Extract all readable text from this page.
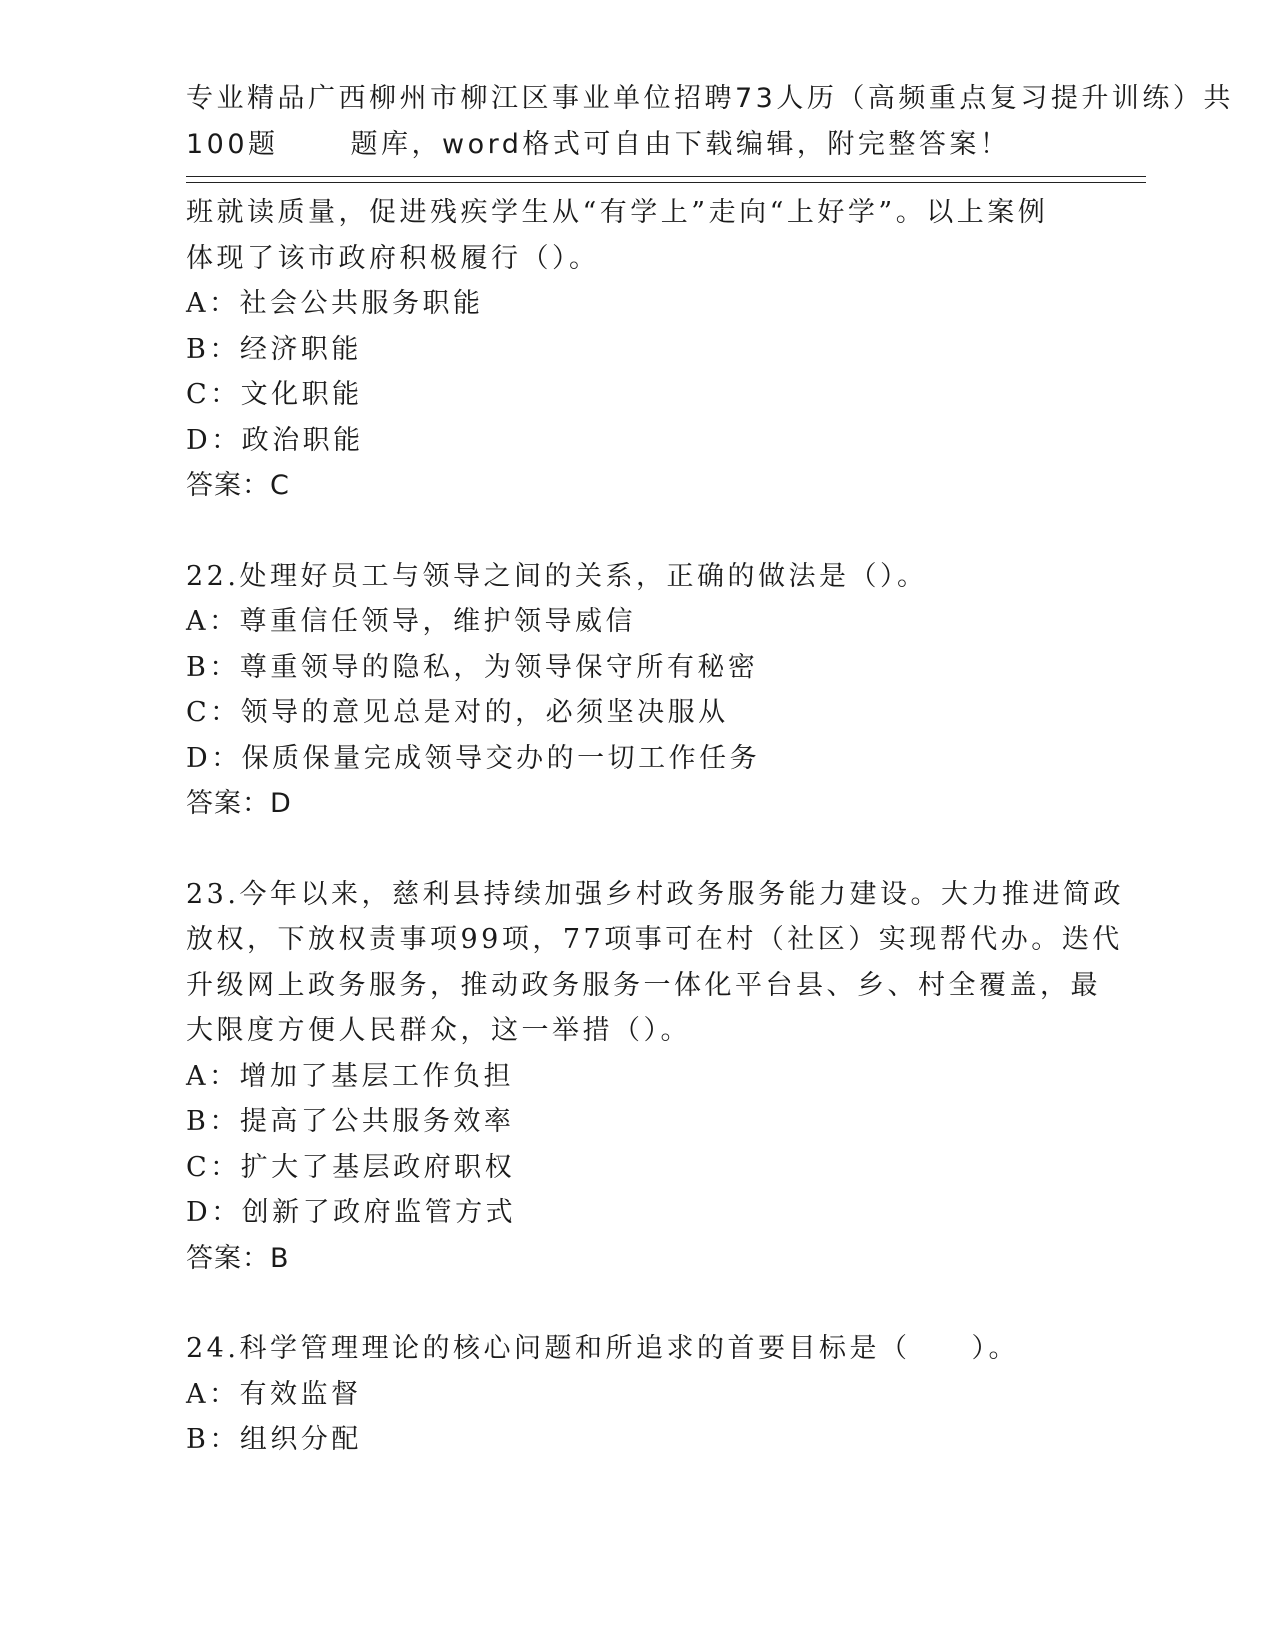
专业精品广西柳州市柳江区事业单位招聘73人历（高频重点复习提升训练）共
100题	题库，word格式可自由下载编辑，附完整答案！
班就读质量，促进残疾学生从“有学上”走向“上好学”。以上案例
体现了该市政府积极履行（）。
A：社会公共服务职能
B：经济职能
C：文化职能
D：政治职能
答案：C
22.处理好员工与领导之间的关系，正确的做法是（）。
A：尊重信任领导，维护领导威信
B：尊重领导的隐私，为领导保守所有秘密
C：领导的意见总是对的，必须坚决服从
D：保质保量完成领导交办的一切工作任务
答案：D
23.今年以来，慈利县持续加强乡村政务服务能力建设。大力推进简政
放权，下放权责事项99项，77项事可在村（社区）实现帮代办。迭代
升级网上政务服务，推动政务服务一体化平台县、乡、村全覆盖，最
大限度方便人民群众，这一举措（）。
A：增加了基层工作负担
B：提高了公共服务效率
C：扩大了基层政府职权
D：创新了政府监管方式
答案：B
24.科学管理理论的核心问题和所追求的首要目标是（　　）。
A：有效监督
B：组织分配
